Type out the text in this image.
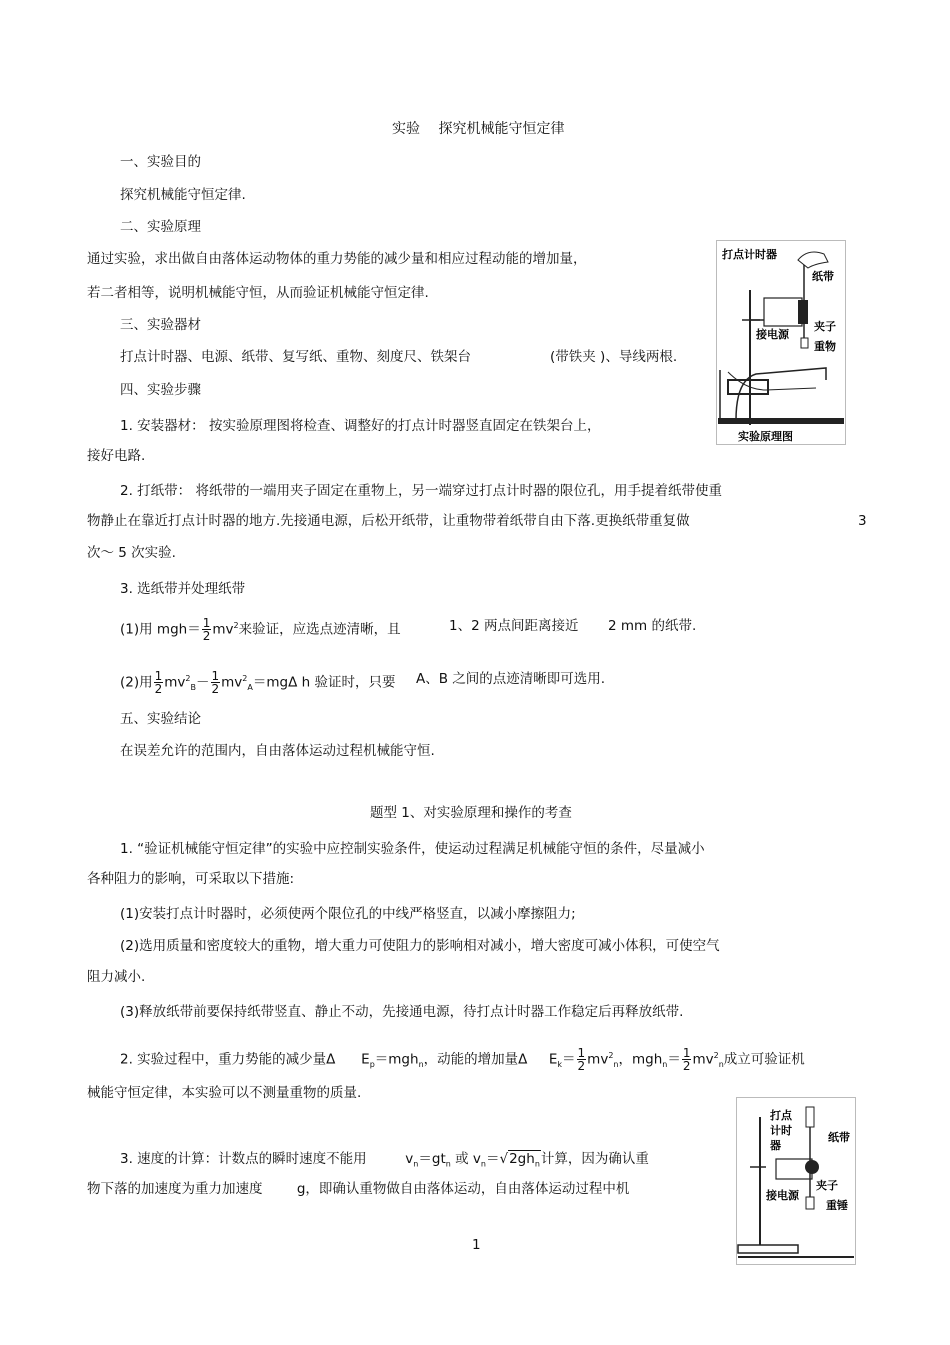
实验　 探究机械能守恒定律
一、实验目的
探究机械能守恒定律.
二、实验原理
通过实验，求出做自由落体运动物体的重力势能的减少量和相应过程动能的增加量，
若二者相等，说明机械能守恒，从而验证机械能守恒定律.
三、实验器材
打点计时器、电源、纸带、复写纸、重物、刻度尺、铁架台	(带铁夹 )、导线两根.
四、实验步骤
1. 安装器材： 按实验原理图将检查、调整好的打点计时器竖直固定在铁架台上，
接好电路.
2. 打纸带： 将纸带的一端用夹子固定在重物上，另一端穿过打点计时器的限位孔，用手提着纸带使重
物静止在靠近打点计时器的地方.先接通电源，后松开纸带，让重物带着纸带自由下落.更换纸带重复做	3
次～ 5 次实验.
3. 选纸带并处理纸带
(1)用 $mgh= \frac{1}{2} mv^2$来验证，应选点迹清晰，且	1、2 两点间距离接近 2 mm 的纸带.
(2)用 $\frac{1}{2} mv^2_B- \frac{1}{2} mv^2_A=mg\Delta$ h 验证时，只要 A、B 之间的点迹清晰即可选用.
五、实验结论
在误差允许的范围内，自由落体运动过程机械能守恒.
题型 1、对实验原理和操作的考查
1. “验证机械能守恒定律”的实验中应控制实验条件，使运动过程满足机械能守恒的条件，尽量减小
各种阻力的影响，可采取以下措施:
(1)安装打点计时器时，必须使两个限位孔的中线严格竖直，以减小摩擦阻力;
(2)选用质量和密度较大的重物，增大重力可使阻力的影响相对减小，增大密度可减小体积，可使空气
阻力减小.
(3)释放纸带前要保持纸带竖直、静止不动，先接通电源，待打点计时器工作稳定后再释放纸带.
2. 实验过程中，重力势能的减少量Δ $E_p=mgh_n$，动能的增加量Δ $E_k= \frac{1}{2} mv^2_n$，$mgh_n= \frac{1}{2} mv^2_n$成立可验证机
械能守恒定律，本实验可以不测量重物的质量.
3. 速度的计算：计数点的瞬时速度不能用	$v_n=gt_n$ 或 $v_n=√2gh_n$计算，因为确认重
物下落的加速度为重力加速度	g，即确认重物做自由落体运动，自由落体运动过程中机
1
打点计时器
纸带
接电源
夹子
重物
实验原理图
打点
计时
器
纸带
夹子
接电源
重锤
